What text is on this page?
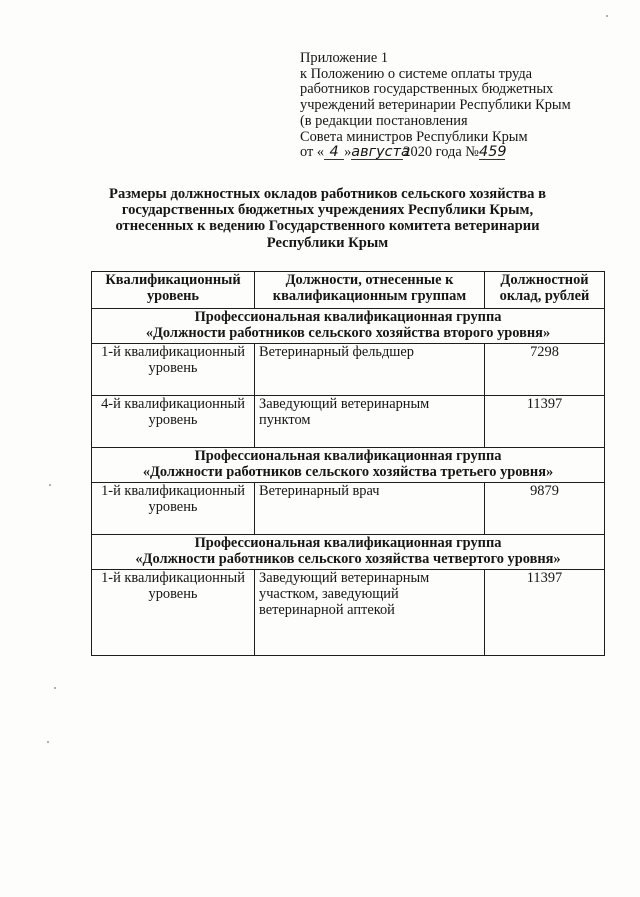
Приложение 1
к Положению о системе оплаты труда
работников государственных бюджетных
учреждений ветеринарии Республики Крым
(в редакции постановления
Совета министров Республики Крым
от « 4 »августа2020 года №459
Размеры должностных окладов работников сельского хозяйства в государственных бюджетных учреждениях Республики Крым, отнесенных к ведению Государственного комитета ветеринарии Республики Крым
Квалификационный уровень	Должности, отнесенные к квалификационным группам	Должностной оклад, рублей

Профессиональная квалификационная группа
«Должности работников сельского хозяйства второго уровня»		

1-й квалификационный уровень	Ветеринарный фельдшер	7298
4-й квалификационный уровень	Заведующий ветеринарным пунктом	11397

Профессиональная квалификационная группа
«Должности работников сельского хозяйства третьего уровня»		

1-й квалификационный уровень	Ветеринарный врач	9879

Профессиональная квалификационная группа
«Должности работников сельского хозяйства четвертого уровня»		

1-й квалификационный уровень	Заведующий ветеринарным участком, заведующий ветеринарной аптекой	11397
